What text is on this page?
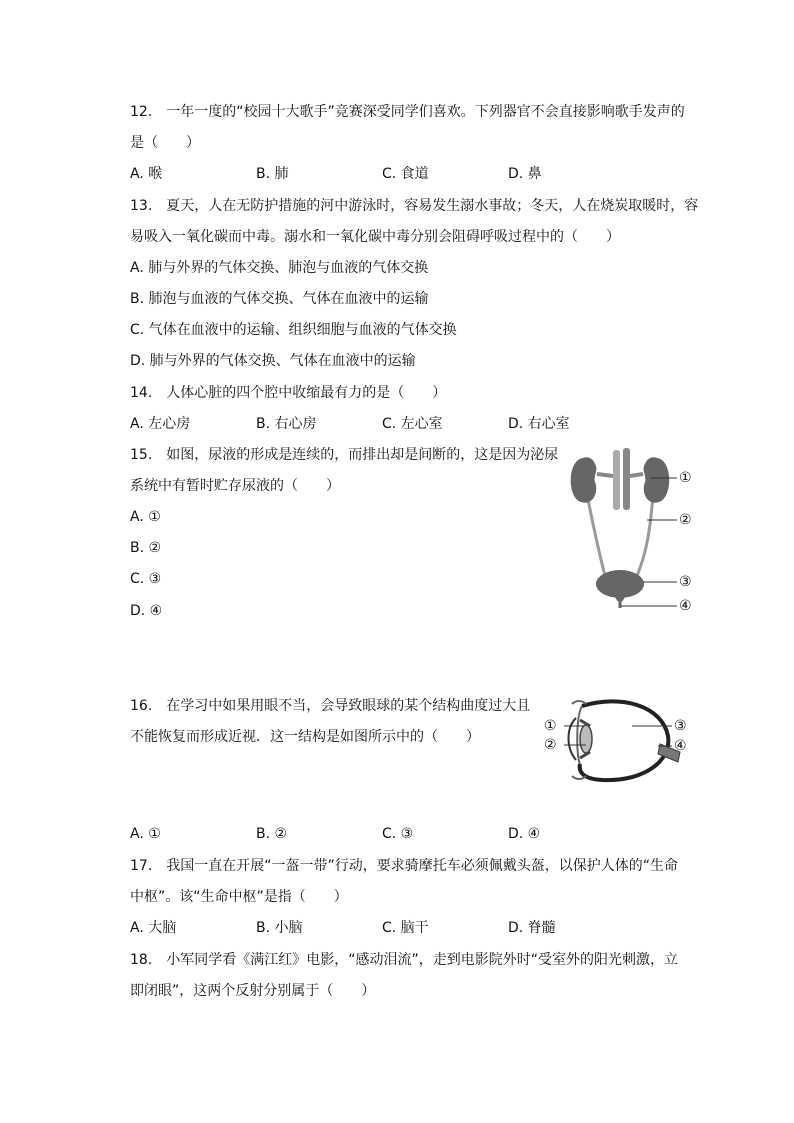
12.　一年一度的“校园十大歌手”竞赛深受同学们喜欢。下列器官不会直接影响歌手发声的
是（　　）
A. 喉	B. 肺	C. 食道	D. 鼻
13.　夏天，人在无防护措施的河中游泳时，容易发生溺水事故；冬天，人在烧炭取暖时，容
易吸入一氧化碳而中毒。溺水和一氧化碳中毒分别会阻碍呼吸过程中的（　　）
A. 肺与外界的气体交换、肺泡与血液的气体交换
B. 肺泡与血液的气体交换、气体在血液中的运输
C. 气体在血液中的运输、组织细胞与血液的气体交换
D. 肺与外界的气体交换、气体在血液中的运输
14.　人体心脏的四个腔中收缩最有力的是（　　）
A. 左心房	B. 右心房	C. 左心室	D. 右心室
15.　如图，尿液的形成是连续的，而排出却是间断的，这是因为泌尿
系统中有暂时贮存尿液的（　　）
A. ①
B. ②
C. ③
D. ④
①
②
③
④
16.　在学习中如果用眼不当，会导致眼球的某个结构曲度过大且
不能恢复而形成近视．这一结构是如图所示中的（　　）
①
②
③
④
A. ①	B. ②	C. ③	D. ④
17.　我国一直在开展“一盔一带”行动，要求骑摩托车必须佩戴头盔，以保护人体的“生命
中枢”。该“生命中枢”是指（　　）
A. 大脑	B. 小脑	C. 脑干	D. 脊髓
18.　小军同学看《满江红》电影，“感动泪流”，走到电影院外时“受室外的阳光刺激，立
即闭眼”，这两个反射分别属于（　　）
